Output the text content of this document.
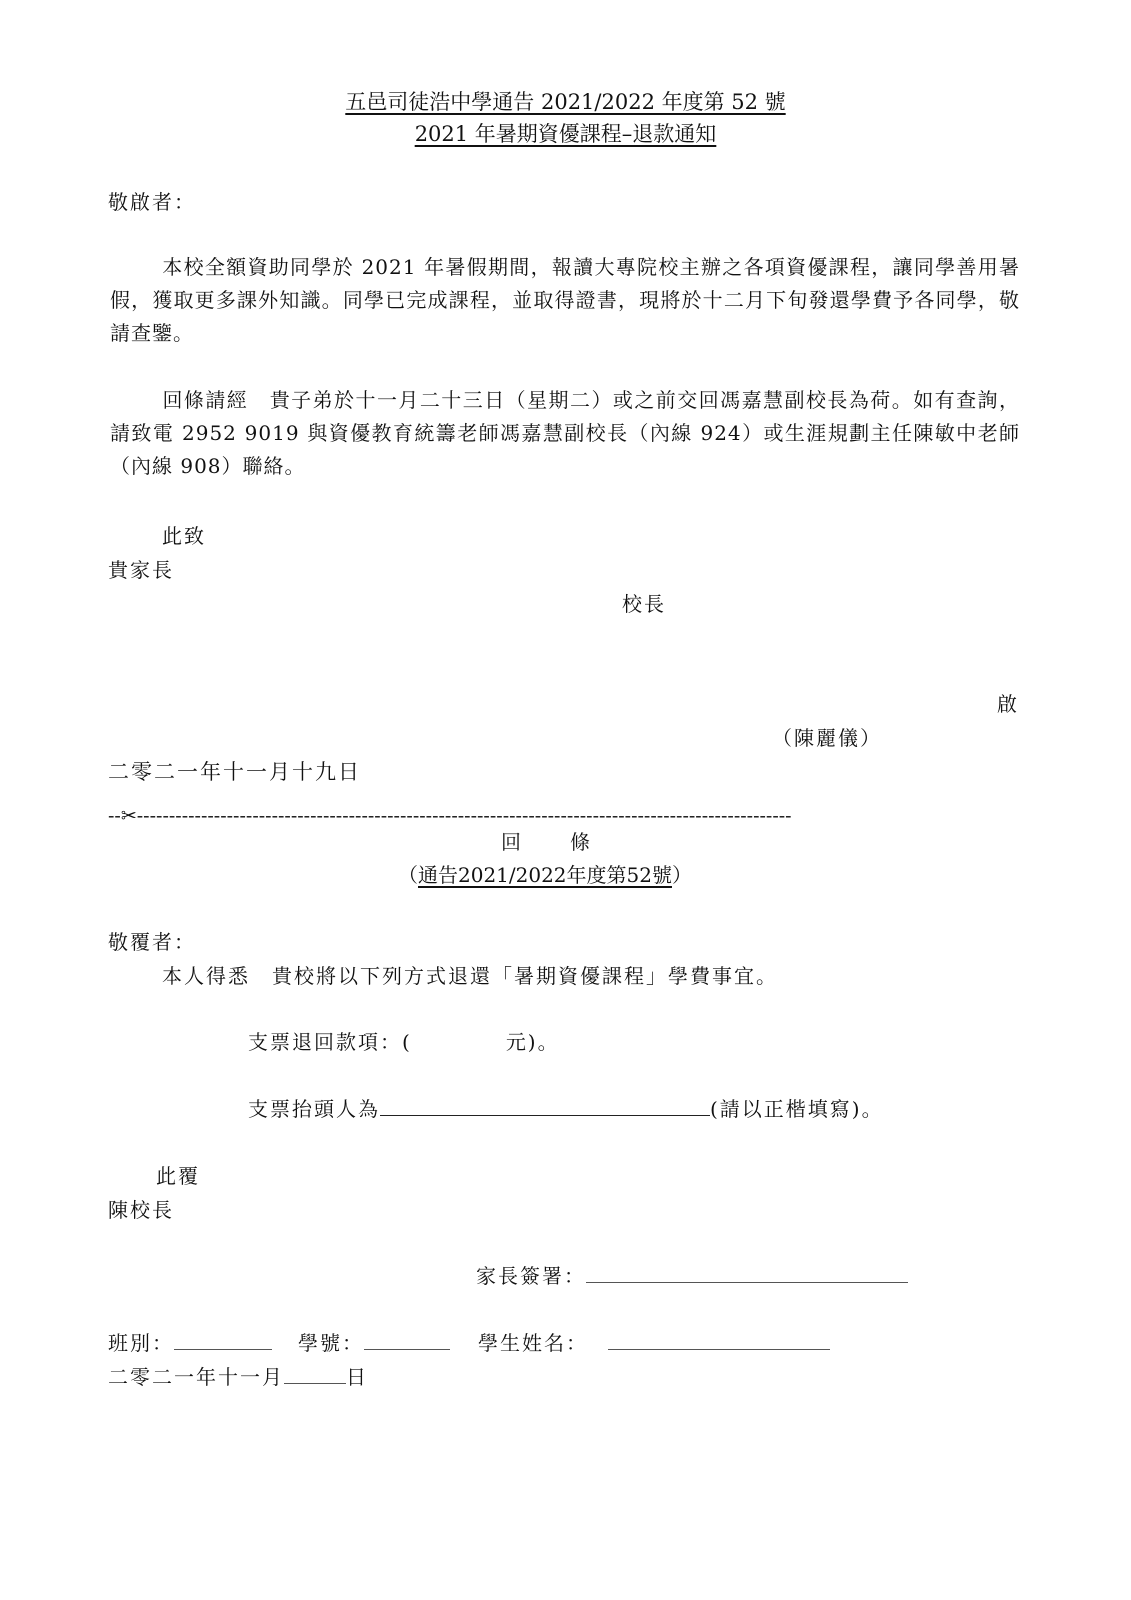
五邑司徒浩中學通告 2021/2022 年度第 52 號
2021 年暑期資優課程–退款通知
敬啟者：
本校全額資助同學於 2021 年暑假期間，報讀大專院校主辦之各項資優課程，讓同學善用暑假，獲取更多課外知識。同學已完成課程，並取得證書，現將於十二月下旬發還學費予各同學，敬請查鑒。
回條請經　貴子弟於十一月二十三日（星期二）或之前交回馮嘉慧副校長為荷。如有查詢，請致電 2952 9019 與資優教育統籌老師馮嘉慧副校長（內線 924）或生涯規劃主任陳敏中老師（內線 908）聯絡。
此致
貴家長
校長
啟
（陳麗儀）
二零二一年十一月十九日
--✂------------------------------------------------------------------------------------------------------
回　　條
（通告2021/2022年度第52號）
敬覆者：
本人得悉　貴校將以下列方式退還「暑期資優課程」學費事宜。
支票退回款項：(	元)。
支票抬頭人為	(請以正楷填寫)。
此覆
陳校長
家長簽署：
班別：	學號：	學生姓名：
二零二一年十一月	日
